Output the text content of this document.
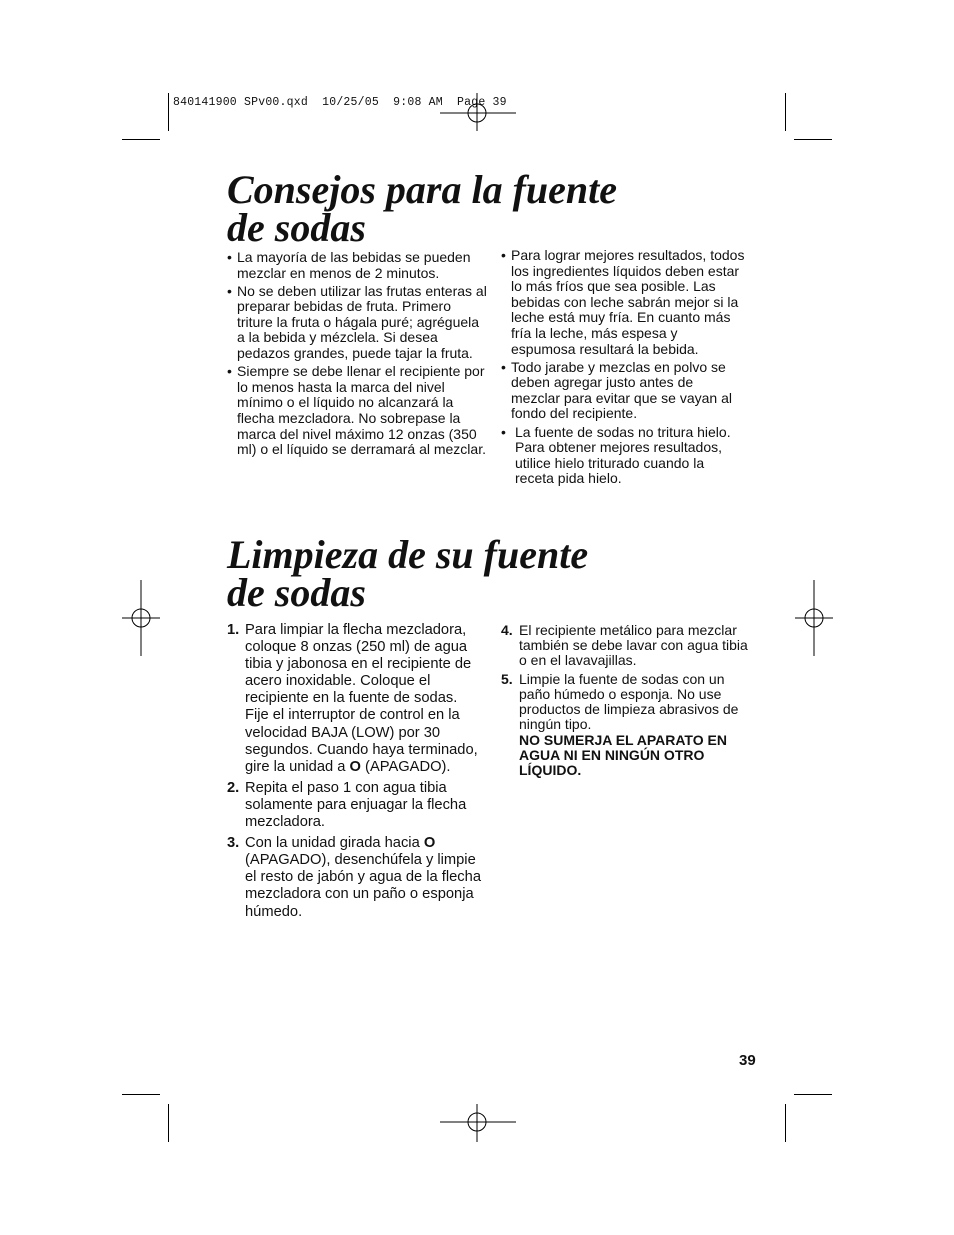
840141900 SPv00.qxd  10/25/05  9:08 AM  Page 39
Consejos para la fuente
de sodas
• La mayoría de las bebidas se pueden mezclar en menos de 2 minutos.
• No se deben utilizar las frutas enteras al preparar bebidas de fruta. Primero triture la fruta o hágala puré; agréguela a la bebida y mézclela. Si desea pedazos grandes, puede tajar la fruta.
• Siempre se debe llenar el recipiente por lo menos hasta la marca del nivel mínimo o el líquido no alcanzará la flecha mezcladora. No sobrepase la marca del nivel máximo 12 onzas (350 ml) o el líquido se derramará al mezclar.
• Para lograr mejores resultados, todos los ingredientes líquidos deben estar lo más fríos que sea posible. Las bebidas con leche sabrán mejor si la leche está muy fría. En cuanto más fría la leche, más espesa y espumosa resultará la bebida.
• Todo jarabe y mezclas en polvo se deben agregar justo antes de mezclar para evitar que se vayan al fondo del recipiente.
• La fuente de sodas no tritura hielo. Para obtener mejores resultados, utilice hielo triturado cuando la receta pida hielo.
Limpieza de su fuente
de sodas
1. Para limpiar la flecha mezcladora, coloque 8 onzas (250 ml) de agua tibia y jabonosa en el recipiente de acero inoxidable. Coloque el recipiente en la fuente de sodas. Fije el interruptor de control en la velocidad BAJA (LOW) por 30 segundos. Cuando haya terminado, gire la unidad a O (APAGADO).
2. Repita el paso 1 con agua tibia solamente para enjuagar la flecha mezcladora.
3. Con la unidad girada hacia O (APAGADO), desenchúfela y limpie el resto de jabón y agua de la flecha mezcladora con un paño o esponja húmedo.
4. El recipiente metálico para mezclar también se debe lavar con agua tibia o en el lavavajillas.
5. Limpie la fuente de sodas con un paño húmedo o esponja. No use productos de limpieza abrasivos de ningún tipo.
NO SUMERJA EL APARATO EN AGUA NI EN NINGÚN OTRO LÍQUIDO.
39
